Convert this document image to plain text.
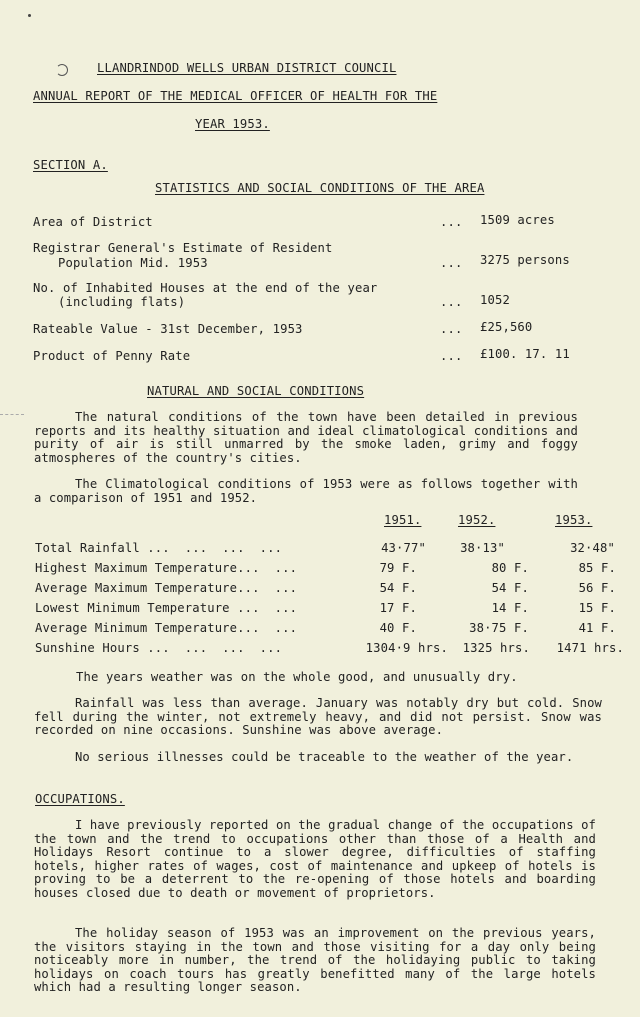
LLANDRINDOD WELLS URBAN DISTRICT COUNCIL
ANNUAL REPORT OF THE MEDICAL OFFICER OF HEALTH FOR THE
YEAR 1953.
SECTION A.
STATISTICS AND SOCIAL CONDITIONS OF THE AREA
Area of District	... 1509 acres
Registrar General's Estimate of Resident
Population Mid. 1953	... 3275 persons
No. of Inhabited Houses at the end of the year
(including flats)	... 1052
Rateable Value - 31st December, 1953	... £25,560
Product of Penny Rate	... £100. 17. 11
NATURAL AND SOCIAL CONDITIONS
The natural conditions of the town have been detailed in previous reports and its healthy situation and ideal climatological conditions and purity of air is still unmarred by the smoke laden, grimy and foggy atmospheres of the country's cities.
The Climatological conditions of 1953 were as follows together with a comparison of 1951 and 1952.
1951.	1952.	1953.
Total Rainfall ...  ...  ...  ...	43·77"	38·13"	32·48"
Highest Maximum Temperature...  ...	79 F.	80 F.	85 F.
Average Maximum Temperature...  ...	54 F.	54 F.	56 F.
Lowest Minimum Temperature ...  ...	17 F.	14 F.	15 F.
Average Minimum Temperature...  ...	40 F.	38·75 F.	41 F.
Sunshine Hours ...  ...  ...  ...	1304·9 hrs. 1325 hrs. 1471 hrs.
The years weather was on the whole good, and unusually dry.
Rainfall was less than average. January was notably dry but cold. Snow fell during the winter, not extremely heavy, and did not persist. Snow was recorded on nine occasions. Sunshine was above average.
No serious illnesses could be traceable to the weather of the year.
OCCUPATIONS.
I have previously reported on the gradual change of the occupations of the town and the trend to occupations other than those of a Health and Holidays Resort continue to a slower degree, difficulties of staffing hotels, higher rates of wages, cost of maintenance and upkeep of hotels is proving to be a deterrent to the re-opening of those hotels and boarding houses closed due to death or movement of proprietors.
The holiday season of 1953 was an improvement on the previous years, the visitors staying in the town and those visiting for a day only being noticeably more in number, the trend of the holidaying public to taking holidays on coach tours has greatly benefitted many of the large hotels which had a resulting longer season.
